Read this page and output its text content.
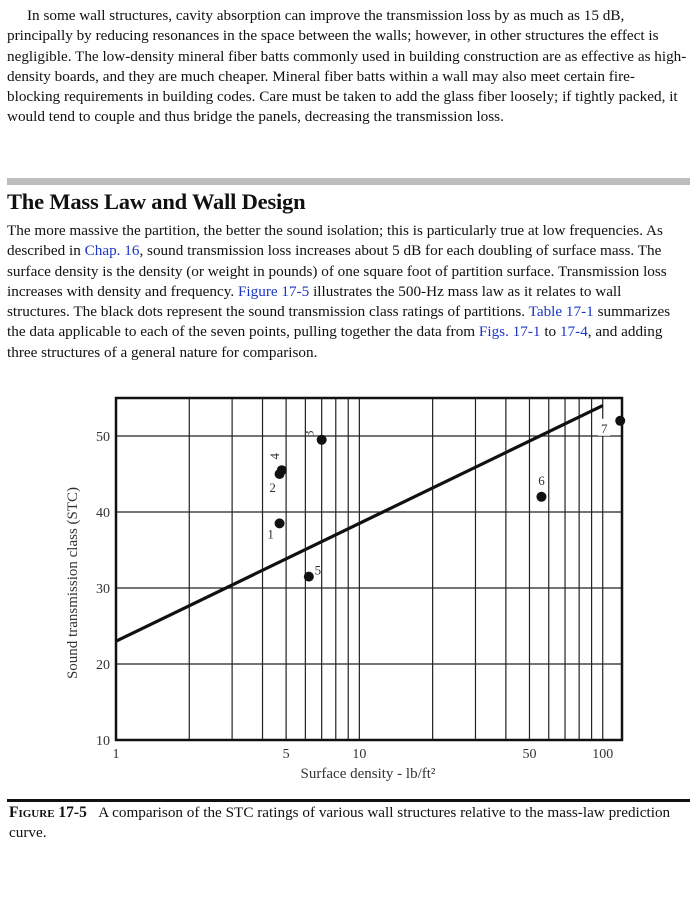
In some wall structures, cavity absorption can improve the transmission loss by as much as 15 dB, principally by reducing resonances in the space between the walls; however, in other structures the effect is negligible. The low-density mineral fiber batts commonly used in building construction are as effective as high-density boards, and they are much cheaper. Mineral fiber batts within a wall may also meet certain fire-blocking requirements in building codes. Care must be taken to add the glass fiber loosely; if tightly packed, it would tend to couple and thus bridge the panels, decreasing the transmission loss.

The Mass Law and Wall Design

The more massive the partition, the better the sound isolation; this is particularly true at low frequencies. As described in Chap. 16, sound transmission loss increases about 5 dB for each doubling of surface mass. The surface density is the density (or weight in pounds) of one square foot of partition surface. Transmission loss increases with density and frequency. Figure 17-5 illustrates the 500-Hz mass law as it relates to wall structures. The black dots represent the sound transmission class ratings of partitions. Table 17-1 summarizes the data applicable to each of the seven points, pulling together the data from Figs. 17-1 to 17-4, and adding three structures of a general nature for comparison.

1
2
3
4
5
6
7
1	5	10	50	100
10
20
30
40
50
Surface density - lb/ft²
Sound transmission class (STC)

Figure 17-5 A comparison of the STC ratings of various wall structures relative to the mass-law prediction curve.
